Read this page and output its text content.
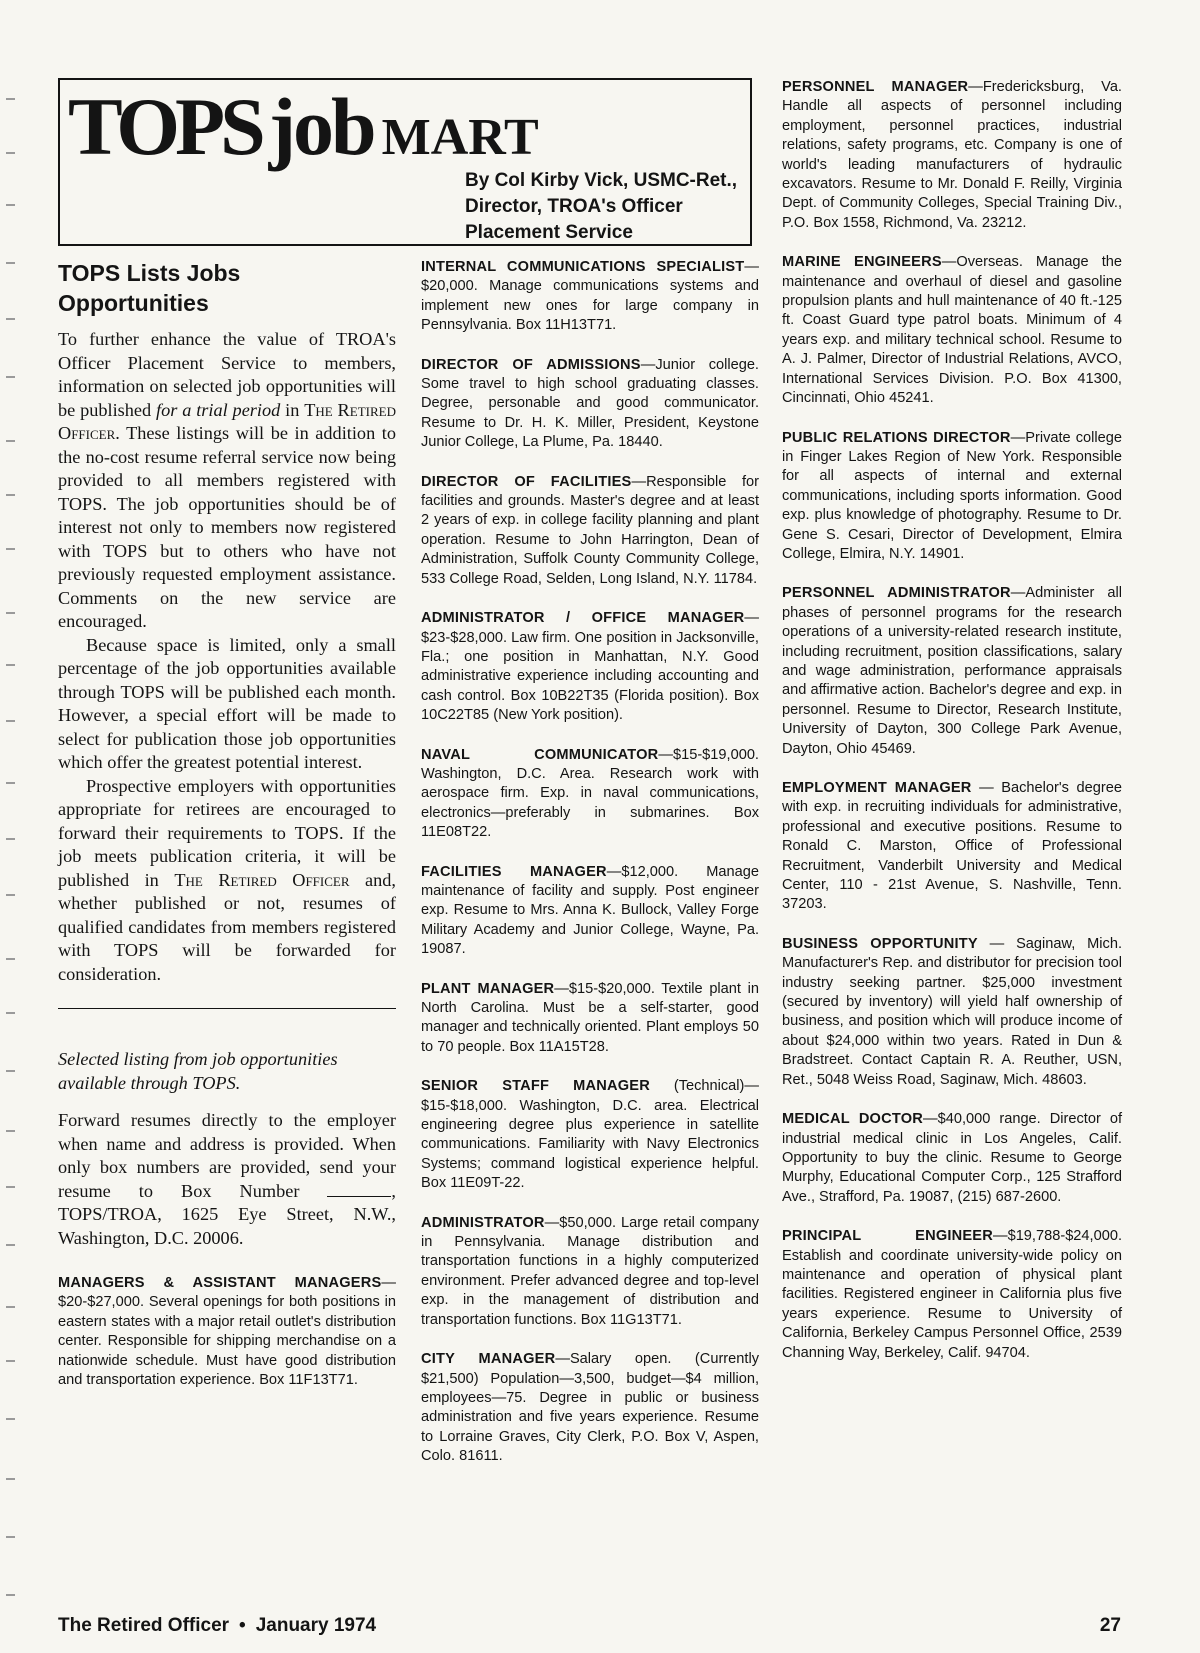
TOPSjob MART
By Col Kirby Vick, USMC-Ret.,
Director, TROA's Officer
Placement Service
TOPS Lists Jobs
Opportunities

To further enhance the value of TROA's Officer Placement Service to members, information on selected job opportunities will be published for a trial period in The Retired Officer. These listings will be in addition to the no-cost resume referral service now being provided to all members registered with TOPS. The job opportunities should be of interest not only to members now registered with TOPS but to others who have not previously requested employment assistance. Comments on the new service are encouraged.

Because space is limited, only a small percentage of the job opportunities available through TOPS will be published each month. However, a special effort will be made to select for publication those job opportunities which offer the greatest potential interest.

Prospective employers with opportunities appropriate for retirees are encouraged to forward their requirements to TOPS. If the job meets publication criteria, it will be published in The Retired Officer and, whether published or not, resumes of qualified candidates from members registered with TOPS will be forwarded for consideration.

Selected listing from job opportunities available through TOPS.

Forward resumes directly to the employer when name and address is provided. When only box numbers are provided, send your resume to Box Number	, TOPS/TROA, 1625 Eye Street, N.W., Washington, D.C. 20006.

MANAGERS & ASSISTANT MANAGERS—$20-$27,000. Several openings for both positions in eastern states with a major retail outlet's distribution center. Responsible for shipping merchandise on a nationwide schedule. Must have good distribution and transportation experience. Box 11F13T71.

INTERNAL COMMUNICATIONS SPECIALIST—$20,000. Manage communications systems and implement new ones for large company in Pennsylvania. Box 11H13T71.

DIRECTOR OF ADMISSIONS—Junior college. Some travel to high school graduating classes. Degree, personable and good communicator. Resume to Dr. H. K. Miller, President, Keystone Junior College, La Plume, Pa. 18440.

DIRECTOR OF FACILITIES—Responsible for facilities and grounds. Master's degree and at least 2 years of exp. in college facility planning and plant operation. Resume to John Harrington, Dean of Administration, Suffolk County Community College, 533 College Road, Selden, Long Island, N.Y. 11784.

ADMINISTRATOR / OFFICE MANAGER—$23-$28,000. Law firm. One position in Jacksonville, Fla.; one position in Manhattan, N.Y. Good administrative experience including accounting and cash control. Box 10B22T35 (Florida position). Box 10C22T85 (New York position).

NAVAL COMMUNICATOR—$15-$19,000. Washington, D.C. Area. Research work with aerospace firm. Exp. in naval communications, electronics—preferably in submarines. Box 11E08T22.

FACILITIES MANAGER—$12,000. Manage maintenance of facility and supply. Post engineer exp. Resume to Mrs. Anna K. Bullock, Valley Forge Military Academy and Junior College, Wayne, Pa. 19087.

PLANT MANAGER—$15-$20,000. Textile plant in North Carolina. Must be a self-starter, good manager and technically oriented. Plant employs 50 to 70 people. Box 11A15T28.

SENIOR STAFF MANAGER (Technical)—$15-$18,000. Washington, D.C. area. Electrical engineering degree plus experience in satellite communications. Familiarity with Navy Electronics Systems; command logistical experience helpful. Box 11E09T-22.

ADMINISTRATOR—$50,000. Large retail company in Pennsylvania. Manage distribution and transportation functions in a highly computerized environment. Prefer advanced degree and top-level exp. in the management of distribution and transportation functions. Box 11G13T71.

CITY MANAGER—Salary open. (Currently $21,500) Population—3,500, budget—$4 million, employees—75. Degree in public or business administration and five years experience. Resume to Lorraine Graves, City Clerk, P.O. Box V, Aspen, Colo. 81611.

PERSONNEL MANAGER—Fredericksburg, Va. Handle all aspects of personnel including employment, personnel practices, industrial relations, safety programs, etc. Company is one of world's leading manufacturers of hydraulic excavators. Resume to Mr. Donald F. Reilly, Virginia Dept. of Community Colleges, Special Training Div., P.O. Box 1558, Richmond, Va. 23212.

MARINE ENGINEERS—Overseas. Manage the maintenance and overhaul of diesel and gasoline propulsion plants and hull maintenance of 40 ft.-125 ft. Coast Guard type patrol boats. Minimum of 4 years exp. and military technical school. Resume to A. J. Palmer, Director of Industrial Relations, AVCO, International Services Division. P.O. Box 41300, Cincinnati, Ohio 45241.

PUBLIC RELATIONS DIRECTOR—Private college in Finger Lakes Region of New York. Responsible for all aspects of internal and external communications, including sports information. Good exp. plus knowledge of photography. Resume to Dr. Gene S. Cesari, Director of Development, Elmira College, Elmira, N.Y. 14901.

PERSONNEL ADMINISTRATOR—Administer all phases of personnel programs for the research operations of a university-related research institute, including recruitment, position classifications, salary and wage administration, performance appraisals and affirmative action. Bachelor's degree and exp. in personnel. Resume to Director, Research Institute, University of Dayton, 300 College Park Avenue, Dayton, Ohio 45469.

EMPLOYMENT MANAGER — Bachelor's degree with exp. in recruiting individuals for administrative, professional and executive positions. Resume to Ronald C. Marston, Office of Professional Recruitment, Vanderbilt University and Medical Center, 110 - 21st Avenue, S. Nashville, Tenn. 37203.

BUSINESS OPPORTUNITY — Saginaw, Mich. Manufacturer's Rep. and distributor for precision tool industry seeking partner. $25,000 investment (secured by inventory) will yield half ownership of business, and position which will produce income of about $24,000 within two years. Rated in Dun & Bradstreet. Contact Captain R. A. Reuther, USN, Ret., 5048 Weiss Road, Saginaw, Mich. 48603.

MEDICAL DOCTOR—$40,000 range. Director of industrial medical clinic in Los Angeles, Calif. Opportunity to buy the clinic. Resume to George Murphy, Educational Computer Corp., 125 Strafford Ave., Strafford, Pa. 19087, (215) 687-2600.

PRINCIPAL ENGINEER—$19,788-$24,000. Establish and coordinate university-wide policy on maintenance and operation of physical plant facilities. Registered engineer in California plus five years experience. Resume to University of California, Berkeley Campus Personnel Office, 2539 Channing Way, Berkeley, Calif. 94704.

The Retired Officer • January 1974	27
